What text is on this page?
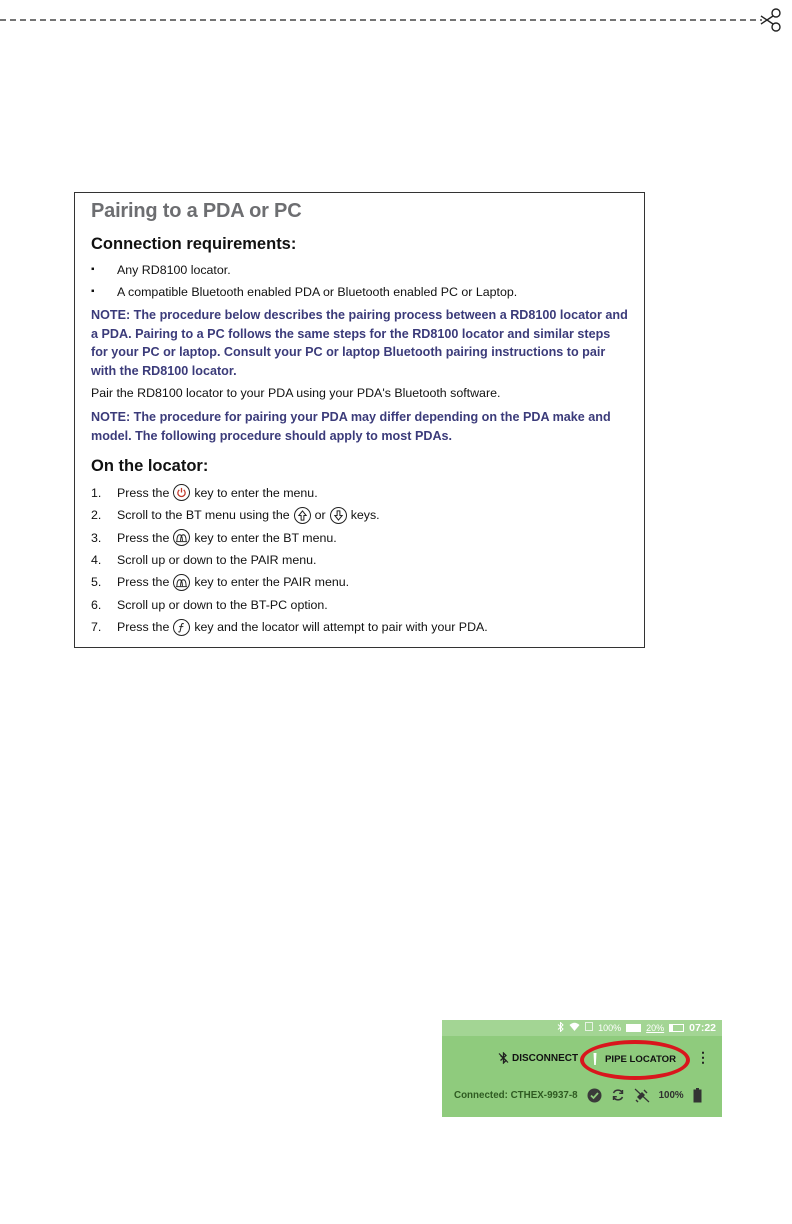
Pairing to a PDA or PC
Connection requirements:
▪ Any RD8100 locator.
▪ A compatible Bluetooth enabled PDA or Bluetooth enabled PC or Laptop.

NOTE: The procedure below describes the pairing process between a RD8100 locator and a PDA. Pairing to a PC follows the same steps for the RD8100 locator and similar steps for your PC or laptop. Consult your PC or laptop Bluetooth pairing instructions to pair with the RD8100 locator.

Pair the RD8100 locator to your PDA using your PDA's Bluetooth software.

NOTE: The procedure for pairing your PDA may differ depending on the PDA make and model. The following procedure should apply to most PDAs.

On the locator:
1.	Press the key to enter the menu.
2.	Scroll to the BT menu using the or keys.
3.	Press the key to enter the BT menu.
4.	Scroll up or down to the PAIR menu.
5.	Press the key to enter the PAIR menu.
6.	Scroll up or down to the BT-PC option.
7.	Press the key and the locator will attempt to pair with your PDA.
100%	20% 07:22
DISCONNECT	PIPE LOCATOR ⋮
Connected: CTHEX-9937-8	100%
